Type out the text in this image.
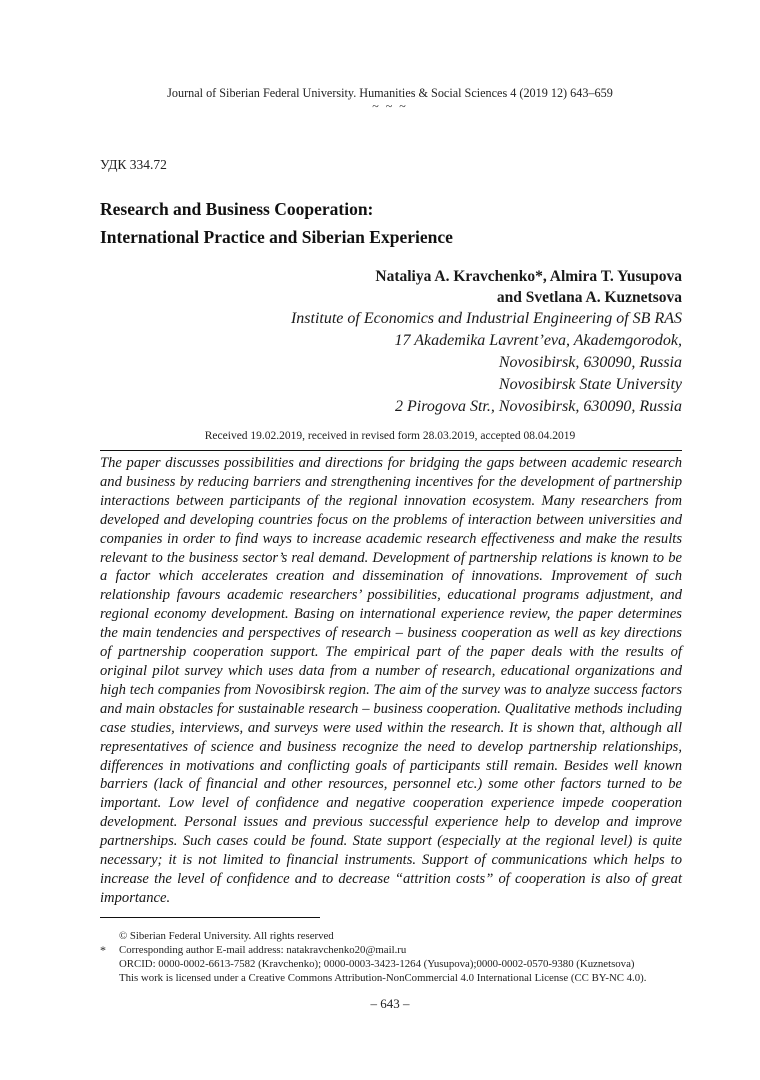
Journal of Siberian Federal University. Humanities & Social Sciences 4 (2019 12) 643–659
~ ~ ~
УДК 334.72
Research and Business Cooperation:
International Practice and Siberian Experience
Nataliya A. Kravchenko*, Almira T. Yusupova
and Svetlana A. Kuznetsova
Institute of Economics and Industrial Engineering of SB RAS
17 Akademika Lavrent’eva, Akademgorodok,
Novosibirsk, 630090, Russia
Novosibirsk State University
2 Pirogova Str., Novosibirsk, 630090, Russia
Received 19.02.2019, received in revised form 28.03.2019, accepted 08.04.2019
The paper discusses possibilities and directions for bridging the gaps between academic research and business by reducing barriers and strengthening incentives for the development of partnership interactions between participants of the regional innovation ecosystem. Many researchers from developed and developing countries focus on the problems of interaction between universities and companies in order to find ways to increase academic research effectiveness and make the results relevant to the business sector’s real demand. Development of partnership relations is known to be a factor which accelerates creation and dissemination of innovations. Improvement of such relationship favours academic researchers’ possibilities, educational programs adjustment, and regional economy development. Basing on international experience review, the paper determines the main tendencies and perspectives of research – business cooperation as well as key directions of partnership cooperation support. The empirical part of the paper deals with the results of original pilot survey which uses data from a number of research, educational organizations and high tech companies from Novosibirsk region. The aim of the survey was to analyze success factors and main obstacles for sustainable research – business cooperation. Qualitative methods including case studies, interviews, and surveys were used within the research. It is shown that, although all representatives of science and business recognize the need to develop partnership relationships, differences in motivations and conflicting goals of participants still remain. Besides well known barriers (lack of financial and other resources, personnel etc.) some other factors turned to be important. Low level of confidence and negative cooperation experience impede cooperation development. Personal issues and previous successful experience help to develop and improve partnerships. Such cases could be found. State support (especially at the regional level) is quite necessary; it is not limited to financial instruments. Support of communications which helps to increase the level of confidence and to decrease “attrition costs” of cooperation is also of great importance.
© Siberian Federal University. All rights reserved
* Corresponding author E-mail address: natakravchenko20@mail.ru
ORCID: 0000-0002-6613-7582 (Kravchenko); 0000-0003-3423-1264 (Yusupova);0000-0002-0570-9380 (Kuznetsova)
This work is licensed under a Creative Commons Attribution-NonCommercial 4.0 International License (CC BY-NC 4.0).
– 643 –
